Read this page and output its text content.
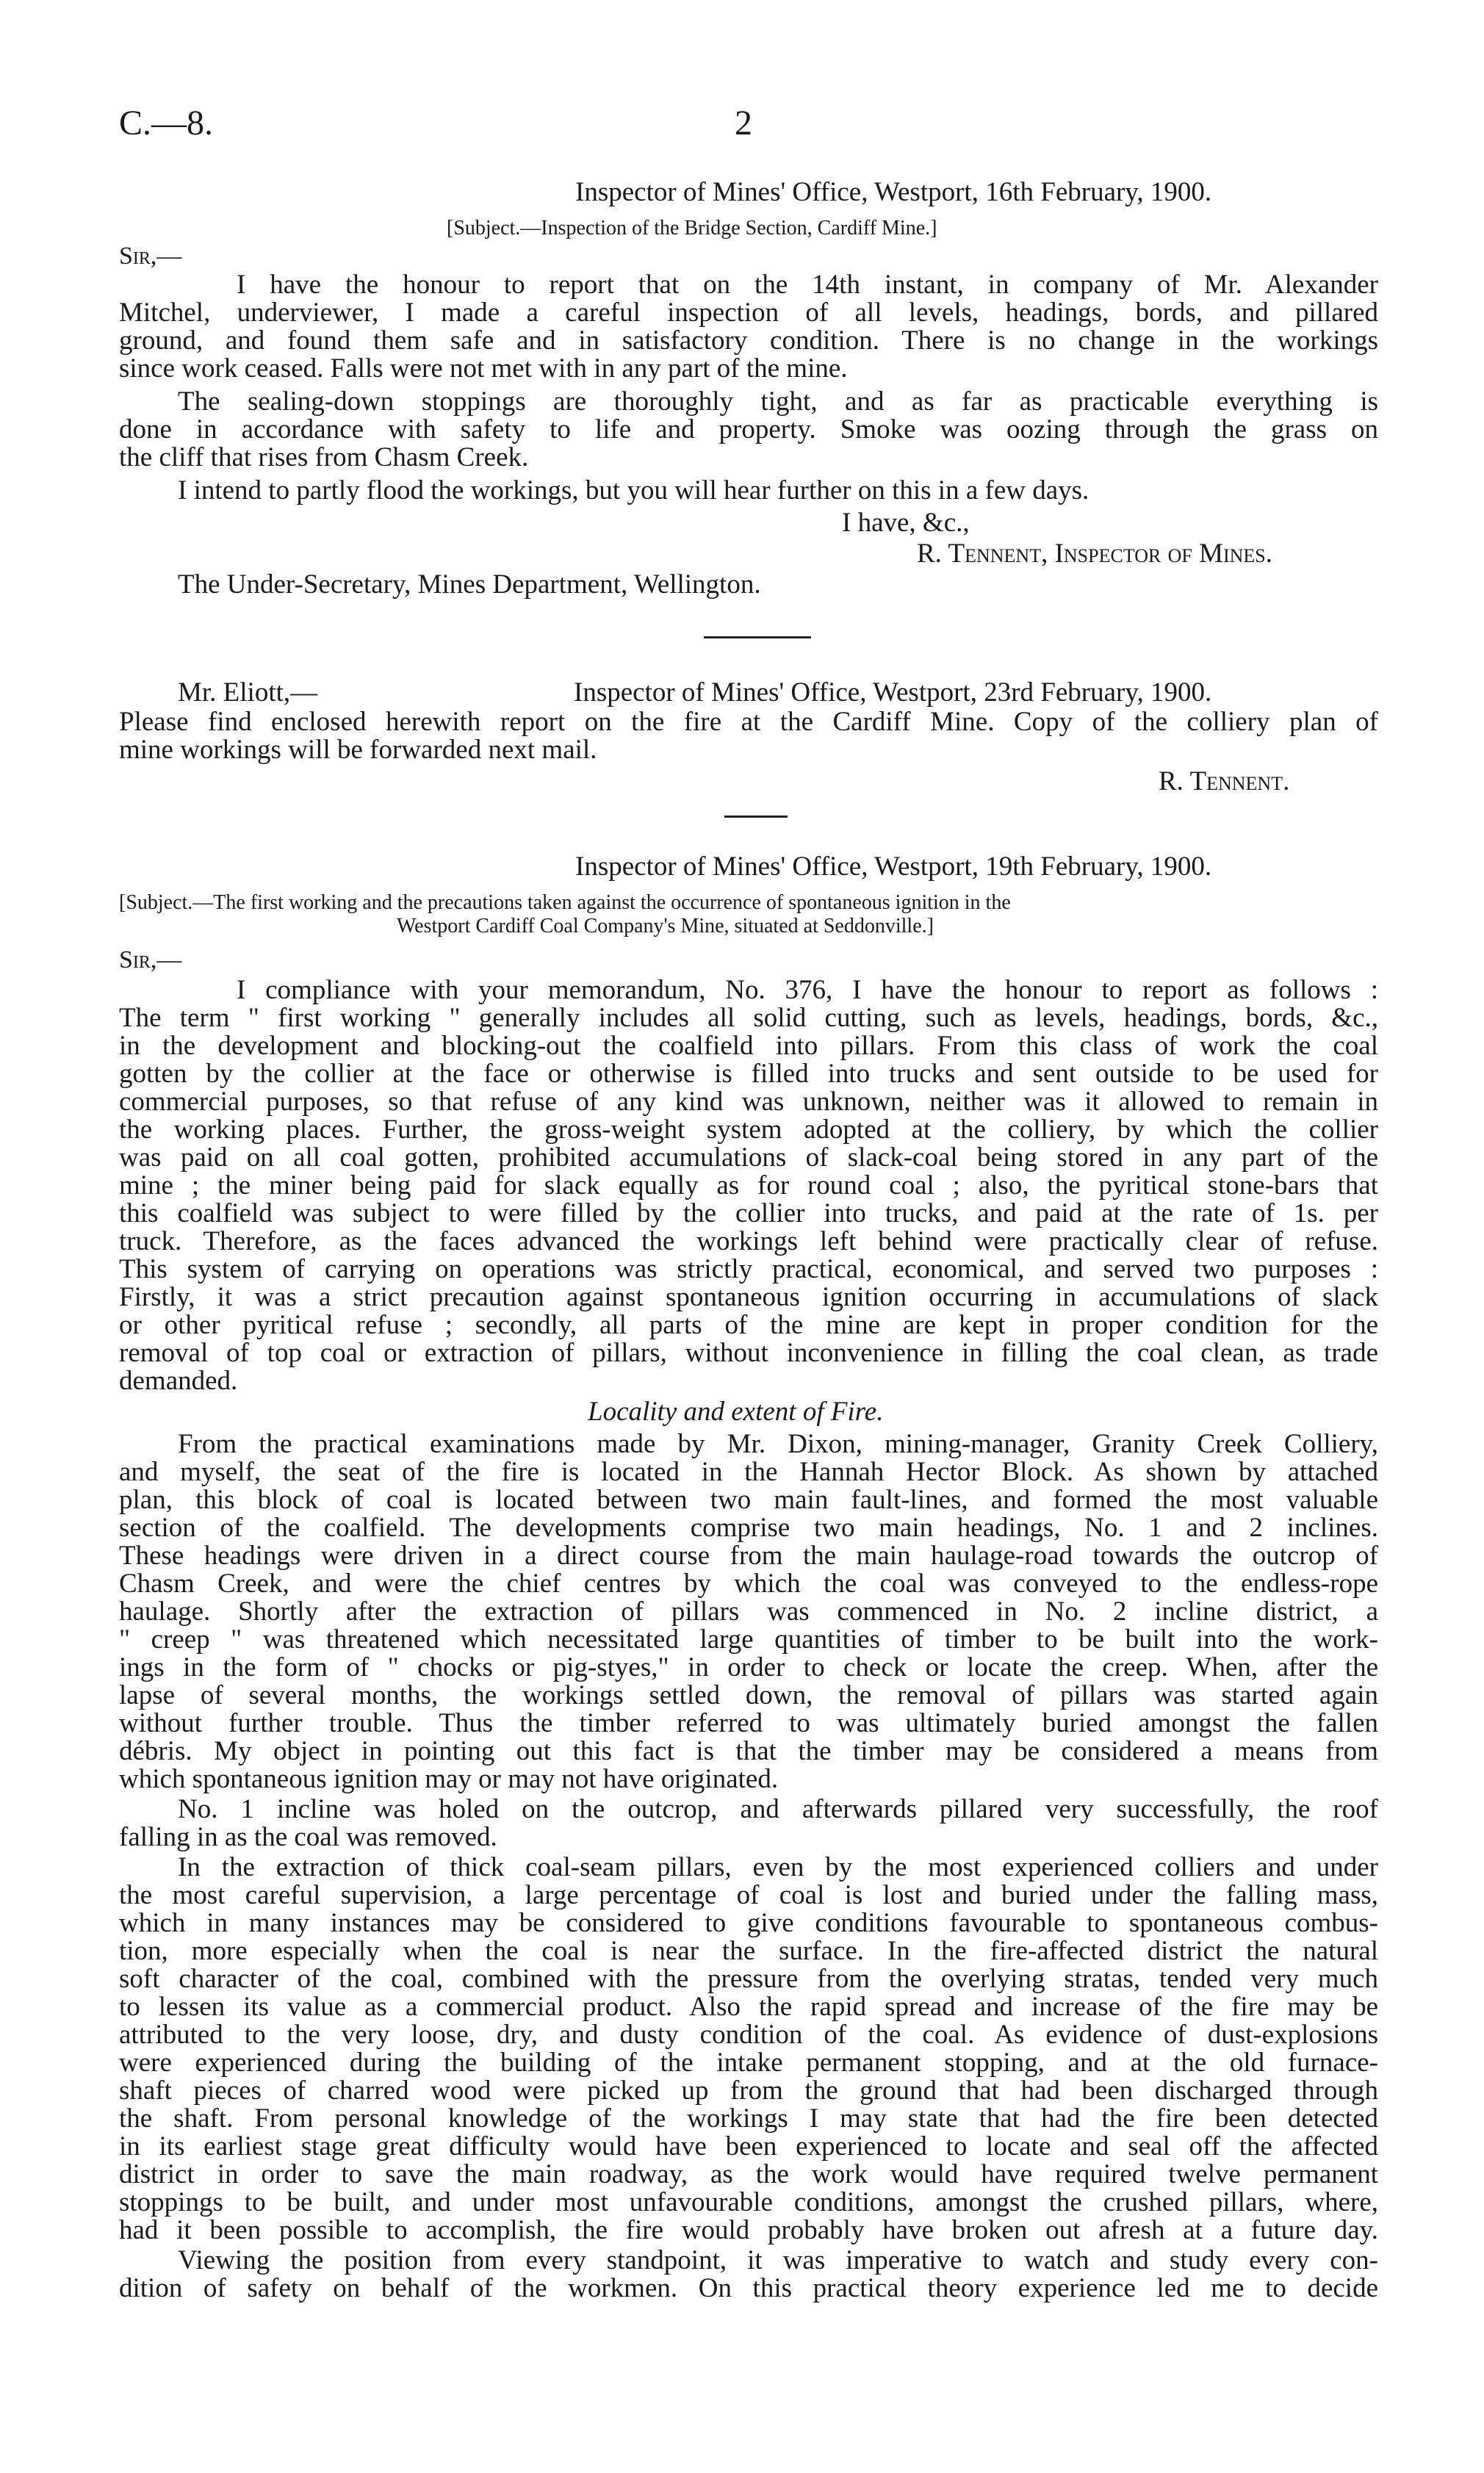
C.—8.	2
Inspector of Mines' Office, Westport, 16th February, 1900.
[Subject.—Inspection of the Bridge Section, Cardiff Mine.]
Sir,—
I have the honour to report that on the 14th instant, in company of Mr. Alexander
Mitchel, underviewer, I made a careful inspection of all levels, headings, bords, and pillared
ground, and found them safe and in satisfactory condition. There is no change in the workings
since work ceased. Falls were not met with in any part of the mine.
The sealing-down stoppings are thoroughly tight, and as far as practicable everything is
done in accordance with safety to life and property. Smoke was oozing through the grass on
the cliff that rises from Chasm Creek.
I intend to partly flood the workings, but you will hear further on this in a few days.
I have, &c.,
R. Tennent, Inspector of Mines.
The Under-Secretary, Mines Department, Wellington.
Mr. Eliott,—	Inspector of Mines' Office, Westport, 23rd February, 1900.
Please find enclosed herewith report on the fire at the Cardiff Mine. Copy of the colliery plan of
mine workings will be forwarded next mail.
R. Tennent.
Inspector of Mines' Office, Westport, 19th February, 1900.
[Subject.—The first working and the precautions taken against the occurrence of spontaneous ignition in the
Westport Cardiff Coal Company's Mine, situated at Seddonville.]
Sir,—
I compliance with your memorandum, No. 376, I have the honour to report as follows :
The term " first working " generally includes all solid cutting, such as levels, headings, bords, &c.,
in the development and blocking-out the coalfield into pillars. From this class of work the coal
gotten by the collier at the face or otherwise is filled into trucks and sent outside to be used for
commercial purposes, so that refuse of any kind was unknown, neither was it allowed to remain in
the working places. Further, the gross-weight system adopted at the colliery, by which the collier
was paid on all coal gotten, prohibited accumulations of slack-coal being stored in any part of the
mine ; the miner being paid for slack equally as for round coal ; also, the pyritical stone-bars that
this coalfield was subject to were filled by the collier into trucks, and paid at the rate of 1s. per
truck. Therefore, as the faces advanced the workings left behind were practically clear of refuse.
This system of carrying on operations was strictly practical, economical, and served two purposes :
Firstly, it was a strict precaution against spontaneous ignition occurring in accumulations of slack
or other pyritical refuse ; secondly, all parts of the mine are kept in proper condition for the
removal of top coal or extraction of pillars, without inconvenience in filling the coal clean, as trade
demanded.
Locality and extent of Fire.
From the practical examinations made by Mr. Dixon, mining-manager, Granity Creek Colliery,
and myself, the seat of the fire is located in the Hannah Hector Block. As shown by attached
plan, this block of coal is located between two main fault-lines, and formed the most valuable
section of the coalfield. The developments comprise two main headings, No. 1 and 2 inclines.
These headings were driven in a direct course from the main haulage-road towards the outcrop of
Chasm Creek, and were the chief centres by which the coal was conveyed to the endless-rope
haulage. Shortly after the extraction of pillars was commenced in No. 2 incline district, a
" creep " was threatened which necessitated large quantities of timber to be built into the work-
ings in the form of " chocks or pig-styes," in order to check or locate the creep. When, after the
lapse of several months, the workings settled down, the removal of pillars was started again
without further trouble. Thus the timber referred to was ultimately buried amongst the fallen
débris. My object in pointing out this fact is that the timber may be considered a means from
which spontaneous ignition may or may not have originated.
No. 1 incline was holed on the outcrop, and afterwards pillared very successfully, the roof
falling in as the coal was removed.
In the extraction of thick coal-seam pillars, even by the most experienced colliers and under
the most careful supervision, a large percentage of coal is lost and buried under the falling mass,
which in many instances may be considered to give conditions favourable to spontaneous combus-
tion, more especially when the coal is near the surface. In the fire-affected district the natural
soft character of the coal, combined with the pressure from the overlying stratas, tended very much
to lessen its value as a commercial product. Also the rapid spread and increase of the fire may be
attributed to the very loose, dry, and dusty condition of the coal. As evidence of dust-explosions
were experienced during the building of the intake permanent stopping, and at the old furnace-
shaft pieces of charred wood were picked up from the ground that had been discharged through
the shaft. From personal knowledge of the workings I may state that had the fire been detected
in its earliest stage great difficulty would have been experienced to locate and seal off the affected
district in order to save the main roadway, as the work would have required twelve permanent
stoppings to be built, and under most unfavourable conditions, amongst the crushed pillars, where,
had it been possible to accomplish, the fire would probably have broken out afresh at a future day.
Viewing the position from every standpoint, it was imperative to watch and study every con-
dition of safety on behalf of the workmen. On this practical theory experience led me to decide
